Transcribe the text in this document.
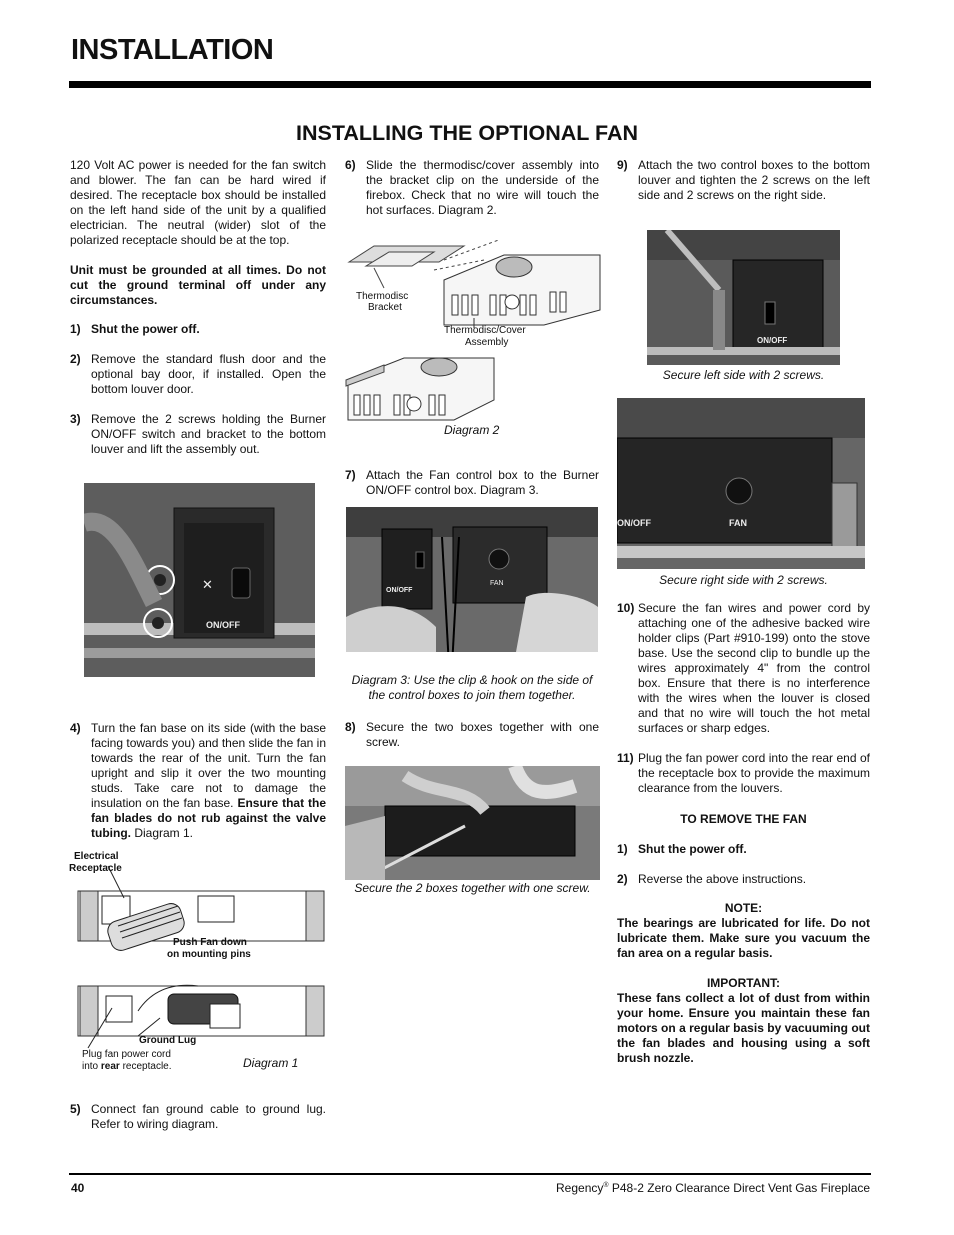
INSTALLATION
INSTALLING THE OPTIONAL FAN

120 Volt AC power is needed for the fan switch and blower. The fan can be hard wired if desired. The receptacle box should be installed on the left hand side of the unit by a qualified electrician. The neutral (wider) slot of the polarized receptacle should be at the top.

Unit must be grounded at all times. Do not cut the ground terminal off under any circumstances.

1) Shut the power off.
2) Remove the standard flush door and the optional bay door, if installed. Open the bottom louver door.
3) Remove the 2 screws holding the Burner ON/OFF switch and bracket to the bottom louver and lift the assembly out.
✕
ON/OFF
4) Turn the fan base on its side (with the base facing towards you) and then slide the fan in towards the rear of the unit. Turn the fan upright and slip it over the two mounting studs. Take care not to damage the insulation on the fan base. Ensure that the fan blades do not rub against the valve tubing. Diagram 1.
Electrical
Receptacle
Push Fan down
on mounting pins
Ground Lug
Plug fan power cord
into rear receptacle.	Diagram 1
5) Connect fan ground cable to ground lug. Refer to wiring diagram.
6) Slide the thermodisc/cover assembly into the bracket clip on the underside of the firebox. Check that no wire will touch the hot surfaces. Diagram 2.
Thermodisc
Bracket
Thermodisc/Cover
Assembly
Diagram 2
7) Attach the Fan control box to the Burner ON/OFF control box. Diagram 3.
FAN
ON/OFF
Diagram 3: Use the clip & hook on the side of the control boxes to join them together.
8) Secure the two boxes together with one screw.
Secure the 2 boxes together with one screw.
9) Attach the two control boxes to the bottom louver and tighten the 2 screws on the left side and 2 screws on the right side.
ON/OFF
Secure left side with 2 screws.
ON/OFF	FAN
Secure right side with 2 screws.
10) Secure the fan wires and power cord by attaching one of the adhesive backed wire holder clips (Part #910-199) onto the stove base. Use the second clip to bundle up the wires approximately 4" from the control box. Ensure that there is no interference with the wires when the louver is closed and that no wire will touch the hot metal surfaces or sharp edges.
11) Plug the fan power cord into the rear end of the receptacle box to provide the maximum clearance from the louvers.
TO REMOVE THE FAN
1) Shut the power off.
2) Reverse the above instructions.
NOTE:

The bearings are lubricated for life. Do not lubricate them. Make sure you vacuum the fan area on a regular basis.

IMPORTANT:

These fans collect a lot of dust from within your home. Ensure you maintain these fan motors on a regular basis by vacuuming out the fan blades and housing using a soft brush nozzle.

40	Regency® P48-2 Zero Clearance Direct Vent Gas Fireplace
